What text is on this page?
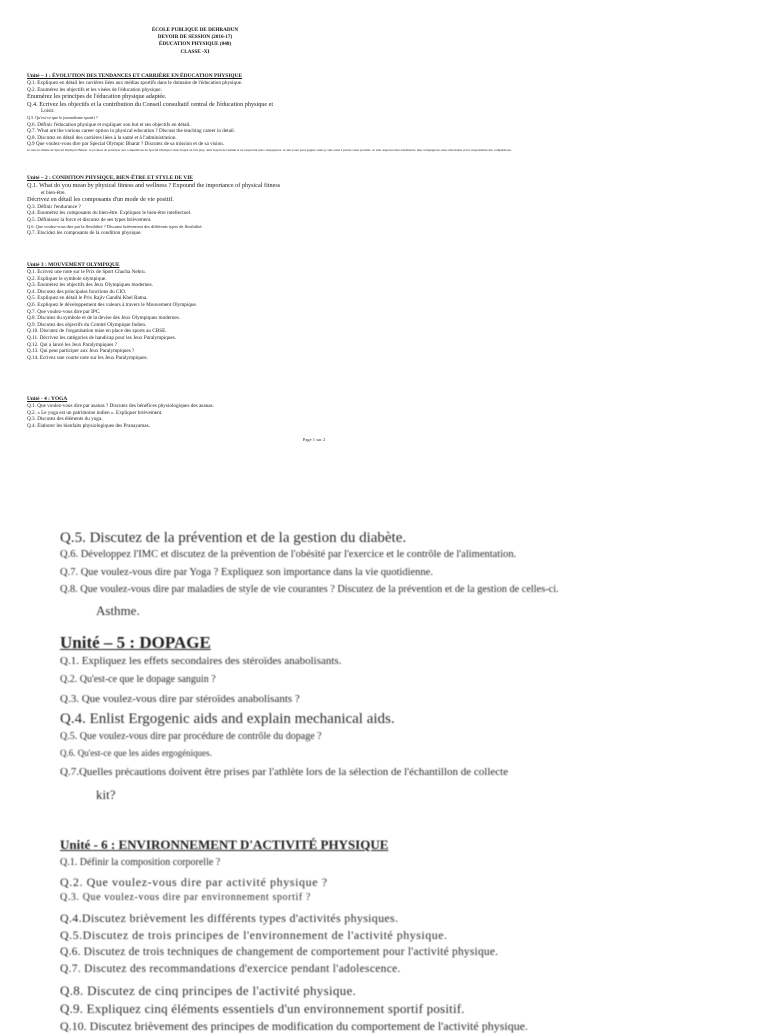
ÉCOLE PUBLIQUE DE DEHRADUN
DEVOIR DE SESSION (2016-17)
ÉDUCATION PHYSIQUE (048)
CLASSE -XI
Unité – 1 : ÉVOLUTION DES TENDANCES ET CARRIÈRE EN ÉDUCATION PHYSIQUE
Q.1. Expliquez en détail les carrières liées aux médias sportifs dans le domaine de l'éducation physique.
Q.2. Énumérez les objectifs et les visées de l'éducation physique.
Énumérez les principes de l'éducation physique adaptée.
Q.4. Écrivez les objectifs et la contribution du Conseil consultatif central de l'éducation physique et
Loisir.
Q.5. Qu'est-ce que le journalisme sportif ?
Q.6. Définir l'éducation physique et expliquer son but et ses objectifs en détail.
Q.7. What are the various career option in physical education ? Discuss the teaching career in detail.
Q.8. Discutez en détail des carrières liées à la santé et à l'administration.
Q.9 Que voulez-vous dire par Special Olympic Bharat ? Discutez de sa mission et de sa vision.
Je suis un athlète de Special Olympics Bharat. Je promets de participer aux compétitions de Special Olympics dans l'esprit de fair-play, dans l'esprit de l'amitié et en respectant mes compagnons. Je suis jouer pour gagner, mais je suis aussi à perdre aussi possible. Je suis respecter mes entraîneurs, mes compagnons, mes adversaires et les responsables des compétitions.
Unité – 2 : CONDITION PHYSIQUE, BIEN-ÊTRE ET STYLE DE VIE
Q.1. What do you mean by physical fitness and wellness ? Expound the importance of physical fitness
et bien-être.
Décrivez en détail les composants d'un mode de vie positif.
Q.3. Définir l'endurance ?
Q.4. Énumérez les composants du bien-être. Expliquez le bien-être intellectuel.
Q.5. Définissez la force et discutez de ses types brièvement.
Q.6. Que voulez-vous dire par la flexibilité ? Discutez brièvement des différents types de flexibilité.
Q.7. Élucidez les composants de la condition physique.
Unité 3 : MOUVEMENT OLYMPIQUE
Q.1. Écrivez une note sur le Prix de Sport Chacha Nehru.
Q.2. Expliquer le symbole olympique.
Q.3. Énumérez les objectifs des Jeux Olympiques modernes.
Q.4. Discutez des principales fonctions du CIO.
Q.5. Expliquez en détail le Prix Rajiv Gandhi Khel Ratna.
Q.6. Expliquez le développement des valeurs à travers le Mouvement Olympique.
Q.7. Que voulez-vous dire par IPC.
Q.8. Discutez du symbole et de la devise des Jeux Olympiques modernes.
Q.9. Discutez des objectifs du Comité Olympique Indien.
Q.10. Discutez de l'organisation mise en place des sports au CBSE.
Q.11. Décrivez les catégories de handicap pour les Jeux Paralympiques.
Q.12. Qui a lancé les Jeux Paralympiques ?
Q.13. Qui peut participer aux Jeux Paralympiques ?
Q.14. Écrivez une courte note sur les Jeux Paralympiques.
Unité - 4 : YOGA
Q.1. Que voulez-vous dire par asanas ? Discutez des bénéfices physiologiques des asanas.
Q.2. « Le yoga est un patrimoine indien ». Expliquer brièvement.
Q.3. Discutez des éléments du yoga.
Q.4. Élaborer les bienfaits physiologiques des Pranayamas.
Page 1 sur 2
Q.5. Discutez de la prévention et de la gestion du diabète.
Q.6. Développez l'IMC et discutez de la prévention de l'obésité par l'exercice et le contrôle de l'alimentation.
Q.7. Que voulez-vous dire par Yoga ? Expliquez son importance dans la vie quotidienne.
Q.8. Que voulez-vous dire par maladies de style de vie courantes ? Discutez de la prévention et de la gestion de celles-ci.
Asthme.
Unité – 5 : DOPAGE
Q.1. Expliquez les effets secondaires des stéroïdes anabolisants.
Q.2. Qu'est-ce que le dopage sanguin ?
Q.3. Que voulez-vous dire par stéroïdes anabolisants ?
Q.4. Enlist Ergogenic aids and explain mechanical aids.
Q.5. Que voulez-vous dire par procédure de contrôle du dopage ?
Q.6. Qu'est-ce que les aides ergogéniques.
Q.7.Quelles précautions doivent être prises par l'athlète lors de la sélection de l'échantillon de collecte
kit?
Unité - 6 : ENVIRONNEMENT D'ACTIVITÉ PHYSIQUE
Q.1. Définir la composition corporelle ?
Q.2. Que voulez-vous dire par activité physique ?
Q.3. Que voulez-vous dire par environnement sportif ?
Q.4.Discutez brièvement les différents types d'activités physiques.
Q.5.Discutez de trois principes de l'environnement de l'activité physique.
Q.6. Discutez de trois techniques de changement de comportement pour l'activité physique.
Q.7. Discutez des recommandations d'exercice pendant l'adolescence.
Q.8. Discutez de cinq principes de l'activité physique.
Q.9. Expliquez cinq éléments essentiels d'un environnement sportif positif.
Q.10. Discutez brièvement des principes de modification du comportement de l'activité physique.
